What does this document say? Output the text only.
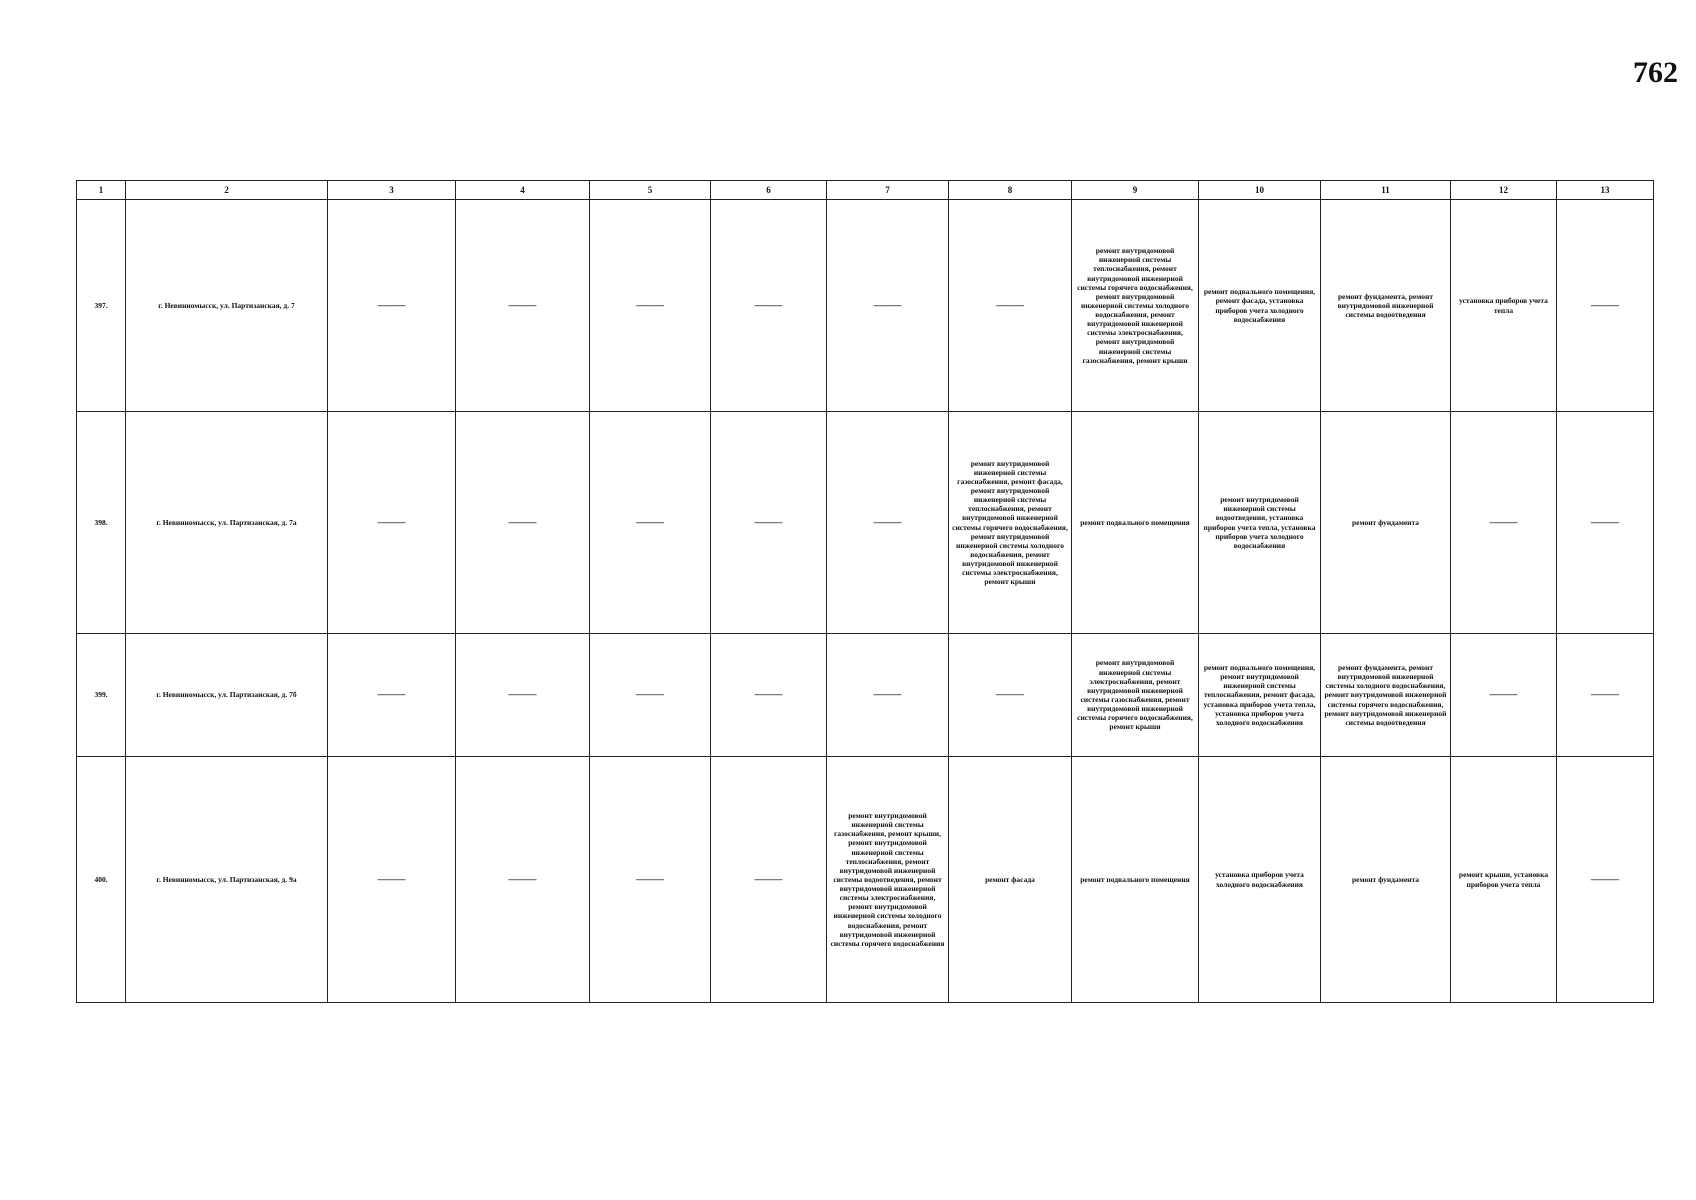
762
1	2	3	4	5	6	7	8	9	10	11	12	13
397.	г. Невинномысск, ул. Партизанская, д. 7	——	——	——	——	——	——	ремонт внутридомовой инженерной системы теплоснабжения, ремонт внутридомовой инженерной системы горячего водоснабжения, ремонт внутридомовой инженерной системы холодного водоснабжения, ремонт внутридомовой инженерной системы электроснабжения, ремонт внутридомовой инженерной системы газоснабжения, ремонт крыши	ремонт подвального помещения, ремонт фасада, установка приборов учета холодного водоснабжения	ремонт фундамента, ремонт внутридомовой инженерной системы водоотведения	установка приборов учета тепла	——
398.	г. Невинномысск, ул. Партизанская, д. 7а	——	——	——	——	——	ремонт внутридомовой инженерной системы газоснабжения, ремонт фасада, ремонт внутридомовой инженерной системы теплоснабжения, ремонт внутридомовой инженерной системы горячего водоснабжения, ремонт внутридомовой инженерной системы холодного водоснабжения, ремонт внутридомовой инженерной системы электроснабжения, ремонт крыши	ремонт подвального помещения	ремонт внутридомовой инженерной системы водоотведения, установка приборов учета тепла, установка приборов учета холодного водоснабжения	ремонт фундамента	——	——
399.	г. Невинномысск, ул. Партизанская, д. 7б	——	——	——	——	——	——	ремонт внутридомовой инженерной системы электроснабжения, ремонт внутридомовой инженерной системы газоснабжения, ремонт внутридомовой инженерной системы горячего водоснабжения, ремонт крыши	ремонт подвального помещения, ремонт внутридомовой инженерной системы теплоснабжения, ремонт фасада, установка приборов учета тепла, установка приборов учета холодного водоснабжения	ремонт фундамента, ремонт внутридомовой инженерной системы холодного водоснабжения, ремонт внутридомовой инженерной системы горячего водоснабжения, ремонт внутридомовой инженерной системы водоотведения	——	——
400.	г. Невинномысск, ул. Партизанская, д. 9а	——	——	——	——	ремонт внутридомовой инженерной системы газоснабжения, ремонт крыши, ремонт внутридомовой инженерной системы теплоснабжения, ремонт внутридомовой инженерной системы водоотведения, ремонт внутридомовой инженерной системы электроснабжения, ремонт внутридомовой инженерной системы холодного водоснабжения, ремонт внутридомовой инженерной системы горячего водоснабжения	ремонт фасада	ремонт подвального помещения	установка приборов учета холодного водоснабжения	ремонт фундамента	ремонт крыши, установка приборов учета тепла	——
